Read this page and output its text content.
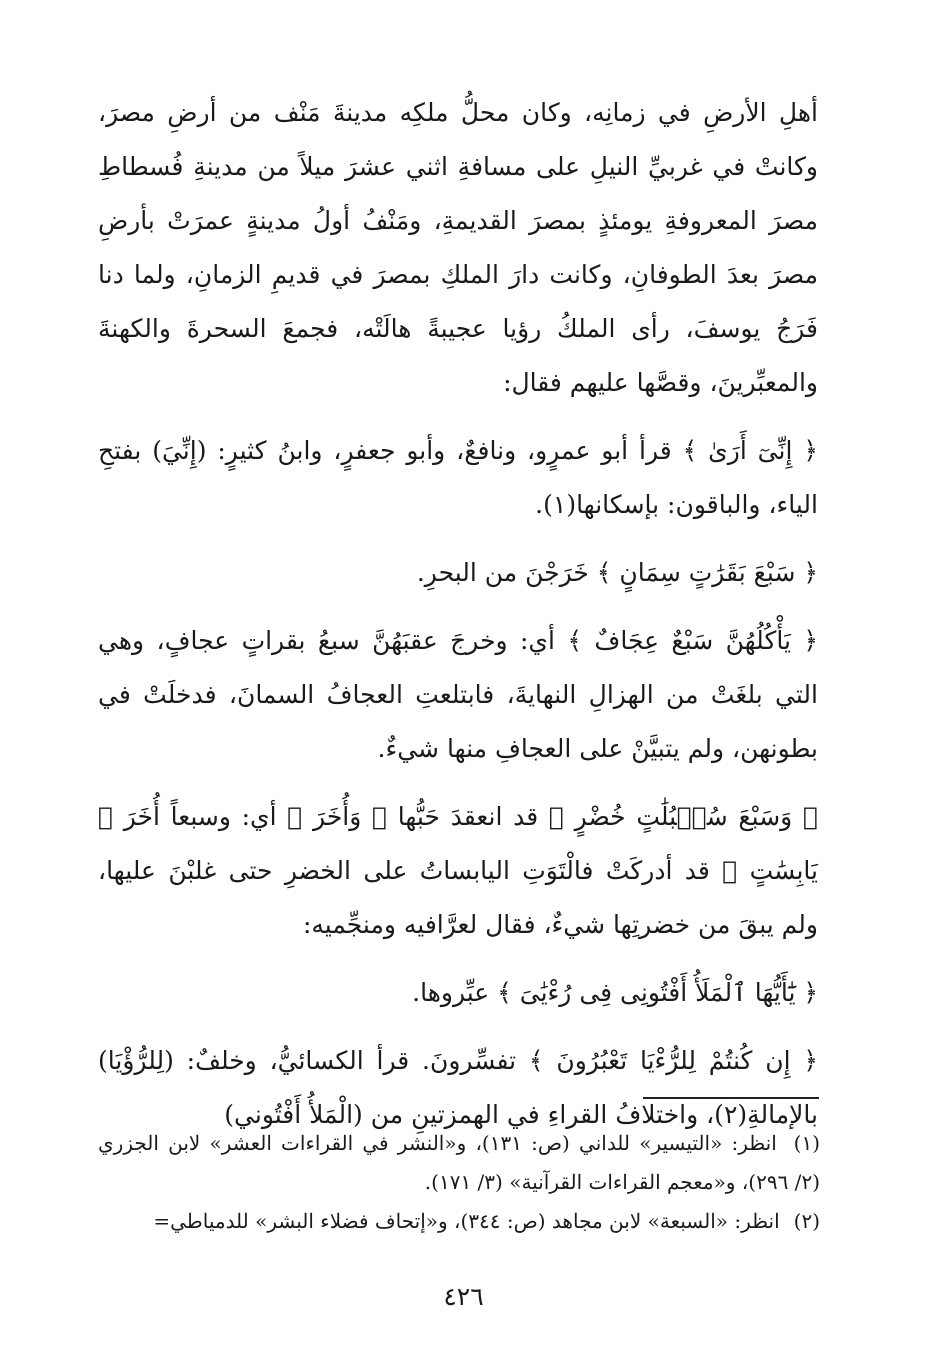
أهلِ الأرضِ في زمانِه، وكان محلُّ ملكِه مدينةَ مَنْف من أرضِ مصرَ، وكانتْ في غربيِّ النيلِ على مسافةِ اثني عشرَ ميلاً من مدينةِ فُسطاطِ مصرَ المعروفةِ يومئذٍ بمصرَ القديمةِ، ومَنْفُ أولُ مدينةٍ عمرَتْ بأرضِ مصرَ بعدَ الطوفانِ، وكانت دارَ الملكِ بمصرَ في قديمِ الزمانِ، ولما دنا فَرَجُ يوسفَ، رأى الملكُ رؤيا عجيبةً هالَتْه، فجمعَ السحرةَ والكهنةَ والمعبِّرينَ، وقصَّها عليهم فقال:

﴿ إِنِّىٓ أَرَىٰ ﴾ قرأ أبو عمرٍو، ونافعٌ، وأبو جعفرٍ، وابنُ كثيرٍ: (إِنِّيَ) بفتحِ الياء، والباقون: بإسكانها(١).

﴿ سَبْعَ بَقَرَٰتٍ سِمَانٍ ﴾ خَرَجْنَ من البحرِ.

﴿ يَأْكُلُهُنَّ سَبْعٌ عِجَافٌ ﴾ أي: وخرجَ عقبَهُنَّ سبعُ بقراتٍ عجافٍ، وهي التي بلغَتْ من الهزالِ النهايةَ، فابتلعتِ العجافُ السمانَ، فدخلَتْ في بطونهن، ولم يتبيَّنْ على العجافِ منها شيءٌ.

﴿ وَسَبْعَ سُنۢبُلَٰتٍ خُضْرٍ ﴾ قد انعقدَ حَبُّها ﴿ وَأُخَرَ ﴾ أي: وسبعاً أُخَرَ ﴿ يَابِسَٰتٍ ﴾ قد أدركَتْ فالْتَوَتِ اليابساتُ على الخضرِ حتى غلبْنَ عليها، ولم يبقَ من خضرتِها شيءٌ، فقال لعرَّافيه ومنجِّميه:

﴿ يَٰٓأَيُّهَا ٱلْمَلَأُ أَفْتُونِى فِى رُءْيَٰىَ ﴾ عبِّروها.

﴿ إِن كُنتُمْ لِلرُّءْيَا تَعْبُرُونَ ﴾ تفسِّرونَ. قرأ الكسائيُّ، وخلفٌ: (لِلرُّؤْيَا) بالإمالةِ(٢)، واختلافُ القراءِ في الهمزتينِ من (الْمَلأُ أَفْتُوني)

(١) انظر: «التيسير» للداني (ص: ١٣١)، و«النشر في القراءات العشر» لابن الجزري (٢/ ٢٩٦)، و«معجم القراءات القرآنية» (٣/ ١٧١).

(٢) انظر: «السبعة» لابن مجاهد (ص: ٣٤٤)، و«إتحاف فضلاء البشر» للدمياطي=

٤٢٦
